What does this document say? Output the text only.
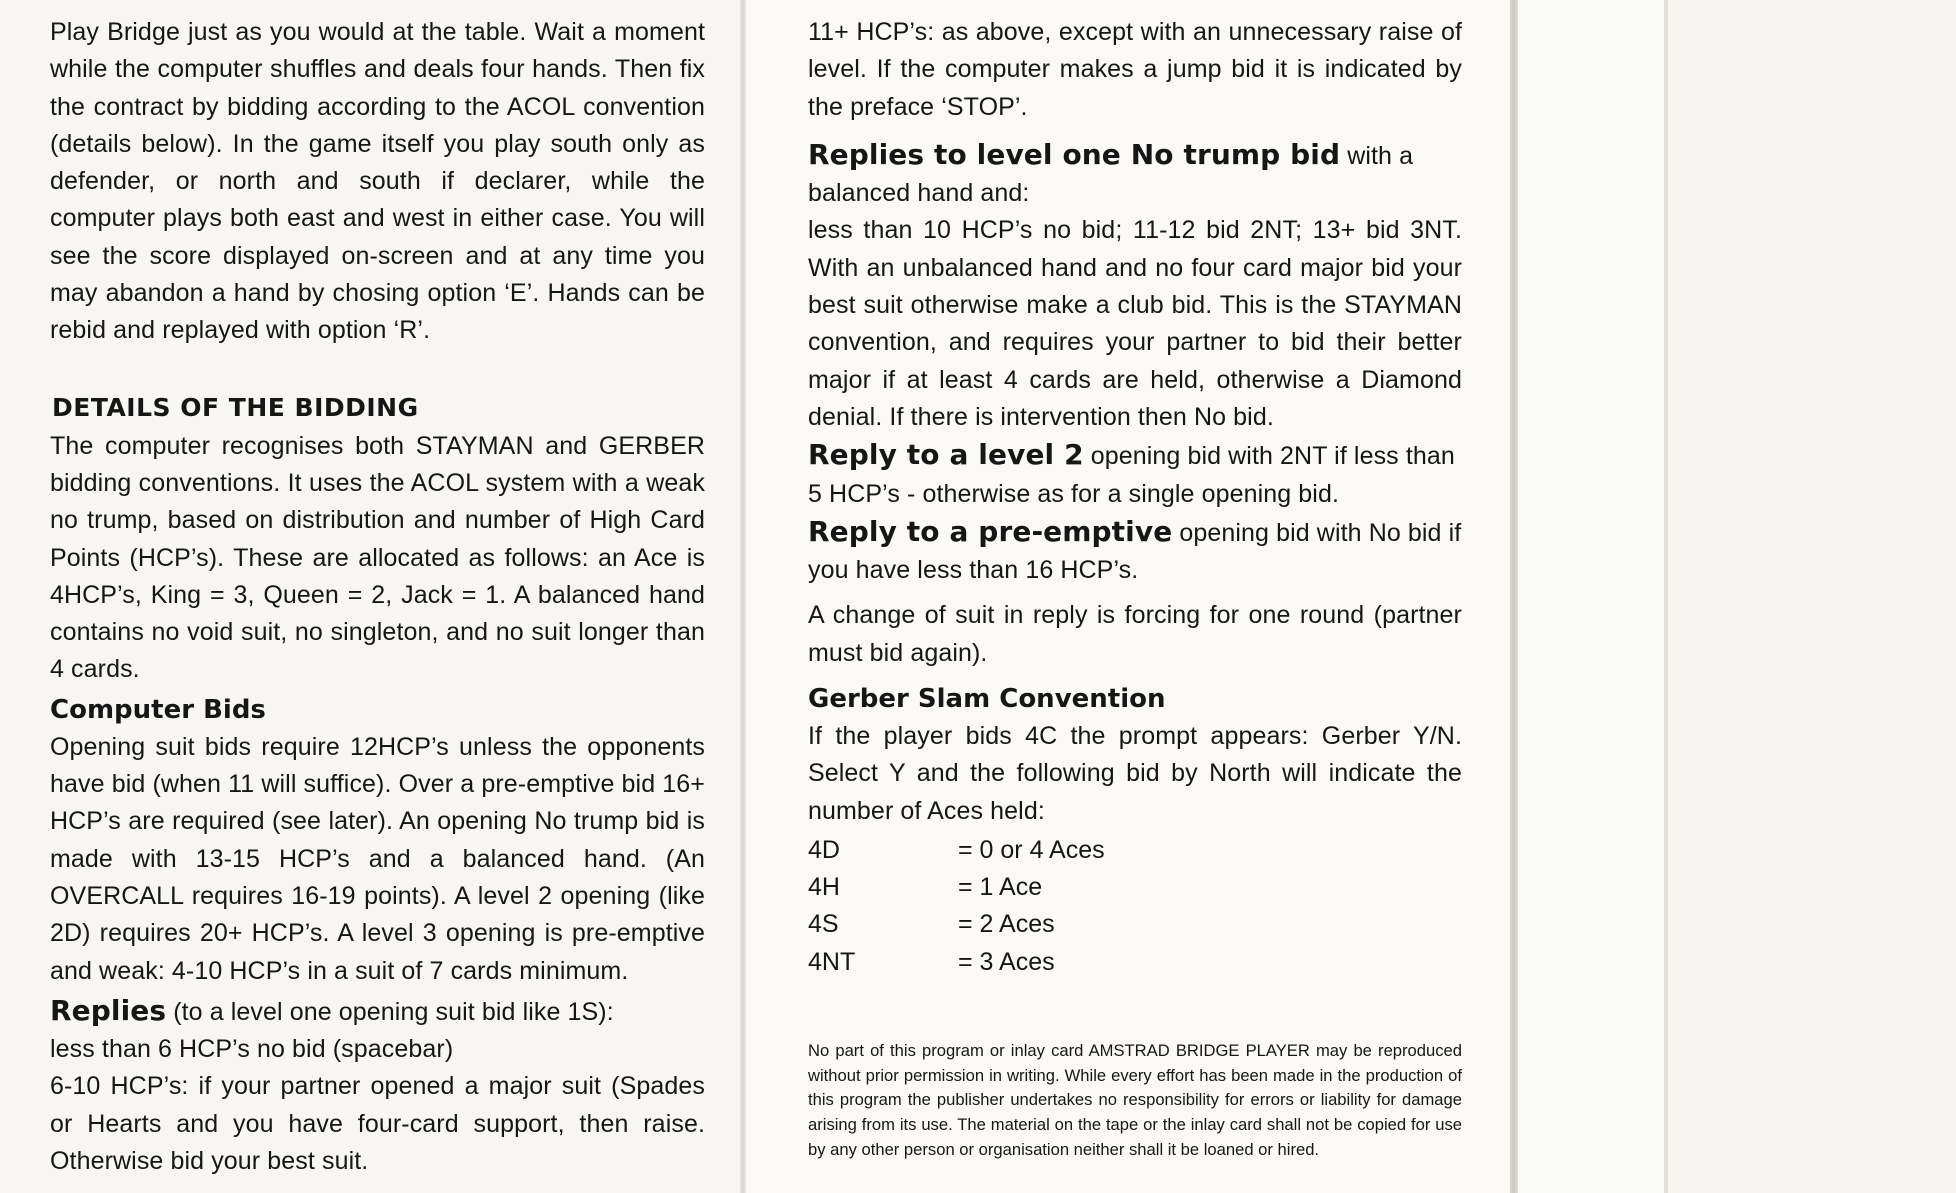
Play Bridge just as you would at the table. Wait a moment while the computer shuffles and deals four hands. Then fix the contract by bidding according to the ACOL convention (details below). In the game itself you play south only as defender, or north and south if declarer, while the computer plays both east and west in either case. You will see the score displayed on-screen and at any time you may abandon a hand by chosing option ‘E’. Hands can be rebid and replayed with option ‘R’.

DETAILS OF THE BIDDING

The computer recognises both STAYMAN and GERBER bidding conventions. It uses the ACOL system with a weak no trump, based on distribution and number of High Card Points (HCP’s). These are allocated as follows: an Ace is 4HCP’s, King = 3, Queen = 2, Jack = 1. A balanced hand contains no void suit, no singleton, and no suit longer than 4 cards.

Computer Bids

Opening suit bids require 12HCP’s unless the opponents have bid (when 11 will suffice). Over a pre-emptive bid 16+ HCP’s are required (see later). An opening No trump bid is made with 13-15 HCP’s and a balanced hand. (An OVERCALL requires 16-19 points). A level 2 opening (like 2D) requires 20+ HCP’s. A level 3 opening is pre-emptive and weak: 4-10 HCP’s in a suit of 7 cards minimum.

Replies (to a level one opening suit bid like 1S):

less than 6 HCP’s no bid (spacebar)

6-10 HCP’s: if your partner opened a major suit (Spades or Hearts and you have four-card support, then raise. Otherwise bid your best suit.

11+ HCP’s: as above, except with an unnecessary raise of level. If the computer makes a jump bid it is indicated by the preface ‘STOP’.

Replies to level one No trump bid with a balanced hand and:

less than 10 HCP’s no bid; 11-12 bid 2NT; 13+ bid 3NT. With an unbalanced hand and no four card major bid your best suit otherwise make a club bid. This is the STAYMAN convention, and requires your partner to bid their better major if at least 4 cards are held, otherwise a Diamond denial. If there is intervention then No bid.

Reply to a level 2 opening bid with 2NT if less than 5 HCP’s - otherwise as for a single opening bid.

Reply to a pre-emptive opening bid with No bid if you have less than 16 HCP’s.

A change of suit in reply is forcing for one round (partner must bid again).

Gerber Slam Convention

If the player bids 4C the prompt appears: Gerber Y/N. Select Y and the following bid by North will indicate the number of Aces held:

4D	= 0 or 4 Aces
4H	= 1 Ace
4S	= 2 Aces
4NT	= 3 Aces
No part of this program or inlay card AMSTRAD BRIDGE PLAYER may be reproduced without prior permission in writing. While every effort has been made in the production of this program the publisher undertakes no responsibility for errors or liability for damage arising from its use. The material on the tape or the inlay card shall not be copied for use by any other person or organisation neither shall it be loaned or hired.
